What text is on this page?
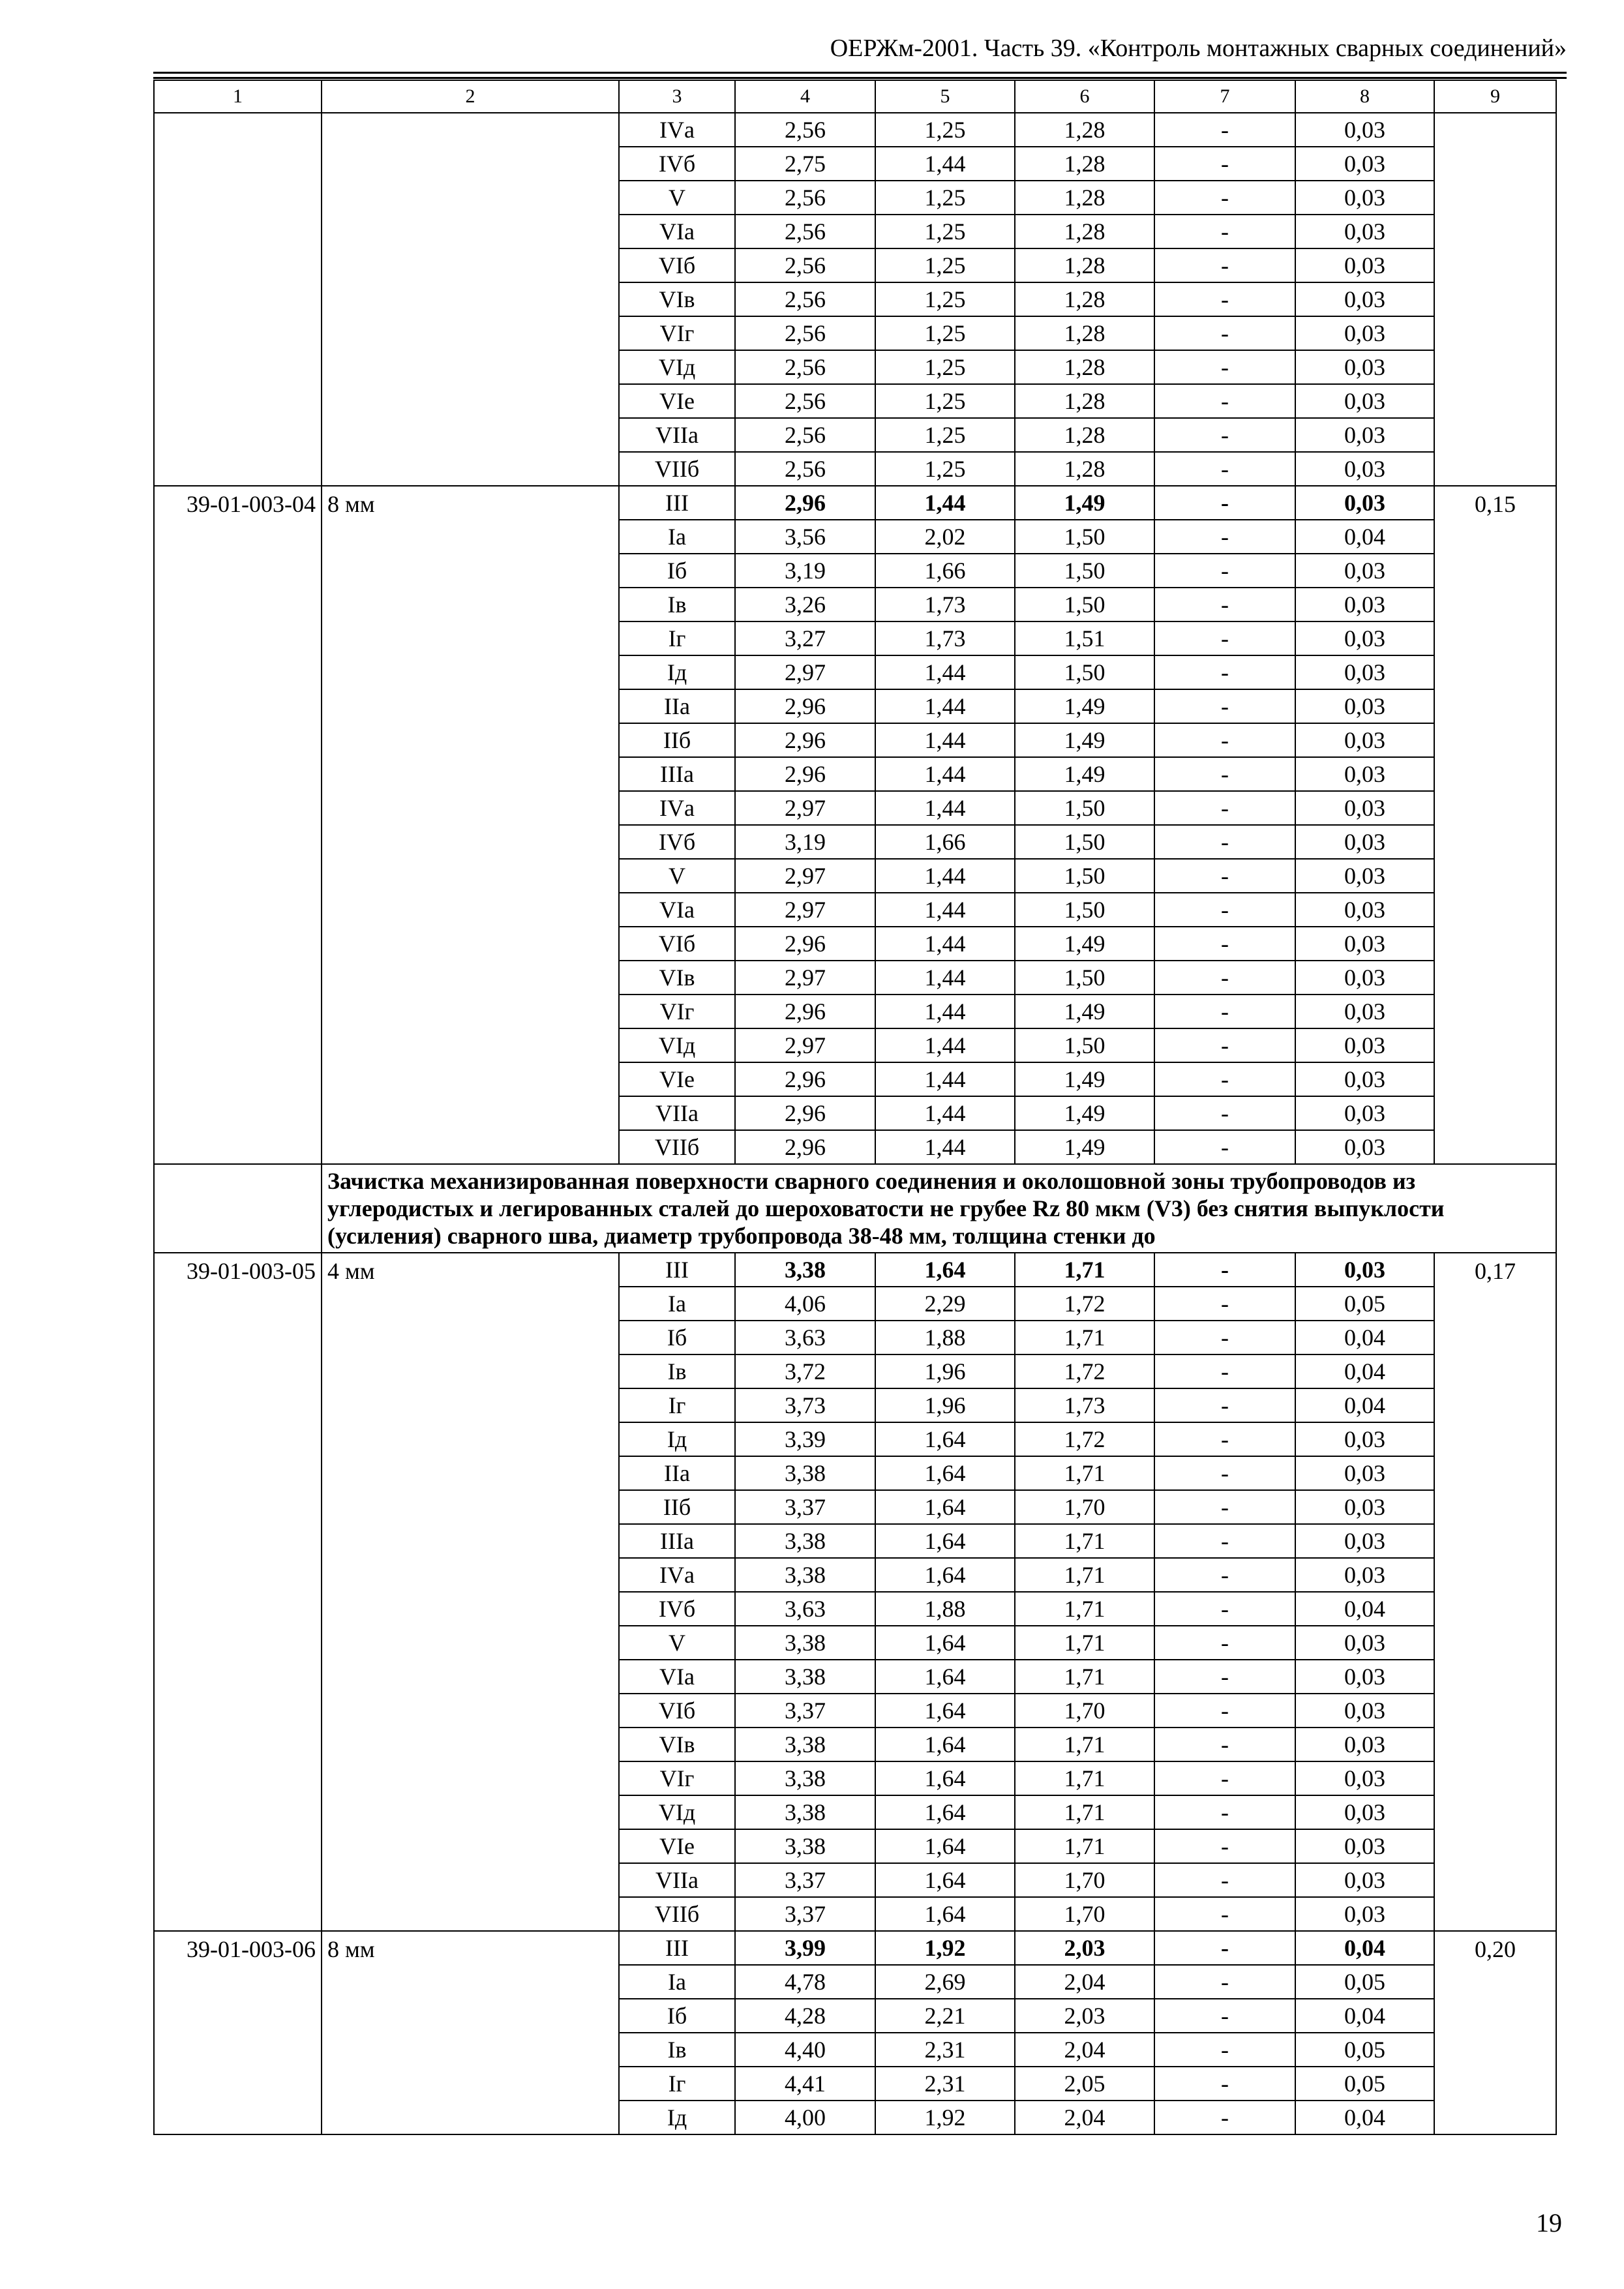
ОЕРЖм-2001. Часть 39. «Контроль монтажных сварных соединений»
1	2	3	4	5	6	7	8	9
		IVа	2,56	1,25	1,28	-	0,03	
		IVб	2,75	1,44	1,28	-	0,03	
		V	2,56	1,25	1,28	-	0,03	
		VIа	2,56	1,25	1,28	-	0,03	
		VIб	2,56	1,25	1,28	-	0,03	
		VIв	2,56	1,25	1,28	-	0,03	
		VIг	2,56	1,25	1,28	-	0,03	
		VIд	2,56	1,25	1,28	-	0,03	
		VIе	2,56	1,25	1,28	-	0,03	
		VIIа	2,56	1,25	1,28	-	0,03	
		VIIб	2,56	1,25	1,28	-	0,03	
39-01-003-04	8 мм	III	2,96	1,44	1,49	-	0,03	0,15
		Iа	3,56	2,02	1,50	-	0,04	
		Iб	3,19	1,66	1,50	-	0,03	
		Iв	3,26	1,73	1,50	-	0,03	
		Iг	3,27	1,73	1,51	-	0,03	
		Iд	2,97	1,44	1,50	-	0,03	
		IIа	2,96	1,44	1,49	-	0,03	
		IIб	2,96	1,44	1,49	-	0,03	
		IIIа	2,96	1,44	1,49	-	0,03	
		IVа	2,97	1,44	1,50	-	0,03	
		IVб	3,19	1,66	1,50	-	0,03	
		V	2,97	1,44	1,50	-	0,03	
		VIа	2,97	1,44	1,50	-	0,03	
		VIб	2,96	1,44	1,49	-	0,03	
		VIв	2,97	1,44	1,50	-	0,03	
		VIг	2,96	1,44	1,49	-	0,03	
		VIд	2,97	1,44	1,50	-	0,03	
		VIе	2,96	1,44	1,49	-	0,03	
		VIIа	2,96	1,44	1,49	-	0,03	
		VIIб	2,96	1,44	1,49	-	0,03	
	Зачистка механизированная поверхности сварного соединения и околошовной зоны трубопроводов из углеродистых и легированных сталей до шероховатости не грубее Rz 80 мкм (V3) без снятия выпуклости (усиления) сварного шва, диаметр трубопровода 38-48 мм, толщина стенки до							
39-01-003-05	4 мм	III	3,38	1,64	1,71	-	0,03	0,17
		Iа	4,06	2,29	1,72	-	0,05	
		Iб	3,63	1,88	1,71	-	0,04	
		Iв	3,72	1,96	1,72	-	0,04	
		Iг	3,73	1,96	1,73	-	0,04	
		Iд	3,39	1,64	1,72	-	0,03	
		IIа	3,38	1,64	1,71	-	0,03	
		IIб	3,37	1,64	1,70	-	0,03	
		IIIа	3,38	1,64	1,71	-	0,03	
		IVа	3,38	1,64	1,71	-	0,03	
		IVб	3,63	1,88	1,71	-	0,04	
		V	3,38	1,64	1,71	-	0,03	
		VIа	3,38	1,64	1,71	-	0,03	
		VIб	3,37	1,64	1,70	-	0,03	
		VIв	3,38	1,64	1,71	-	0,03	
		VIг	3,38	1,64	1,71	-	0,03	
		VIд	3,38	1,64	1,71	-	0,03	
		VIе	3,38	1,64	1,71	-	0,03	
		VIIа	3,37	1,64	1,70	-	0,03	
		VIIб	3,37	1,64	1,70	-	0,03	
39-01-003-06	8 мм	III	3,99	1,92	2,03	-	0,04	0,20
		Iа	4,78	2,69	2,04	-	0,05	
		Iб	4,28	2,21	2,03	-	0,04	
		Iв	4,40	2,31	2,04	-	0,05	
		Iг	4,41	2,31	2,05	-	0,05	
		Iд	4,00	1,92	2,04	-	0,04	
19
